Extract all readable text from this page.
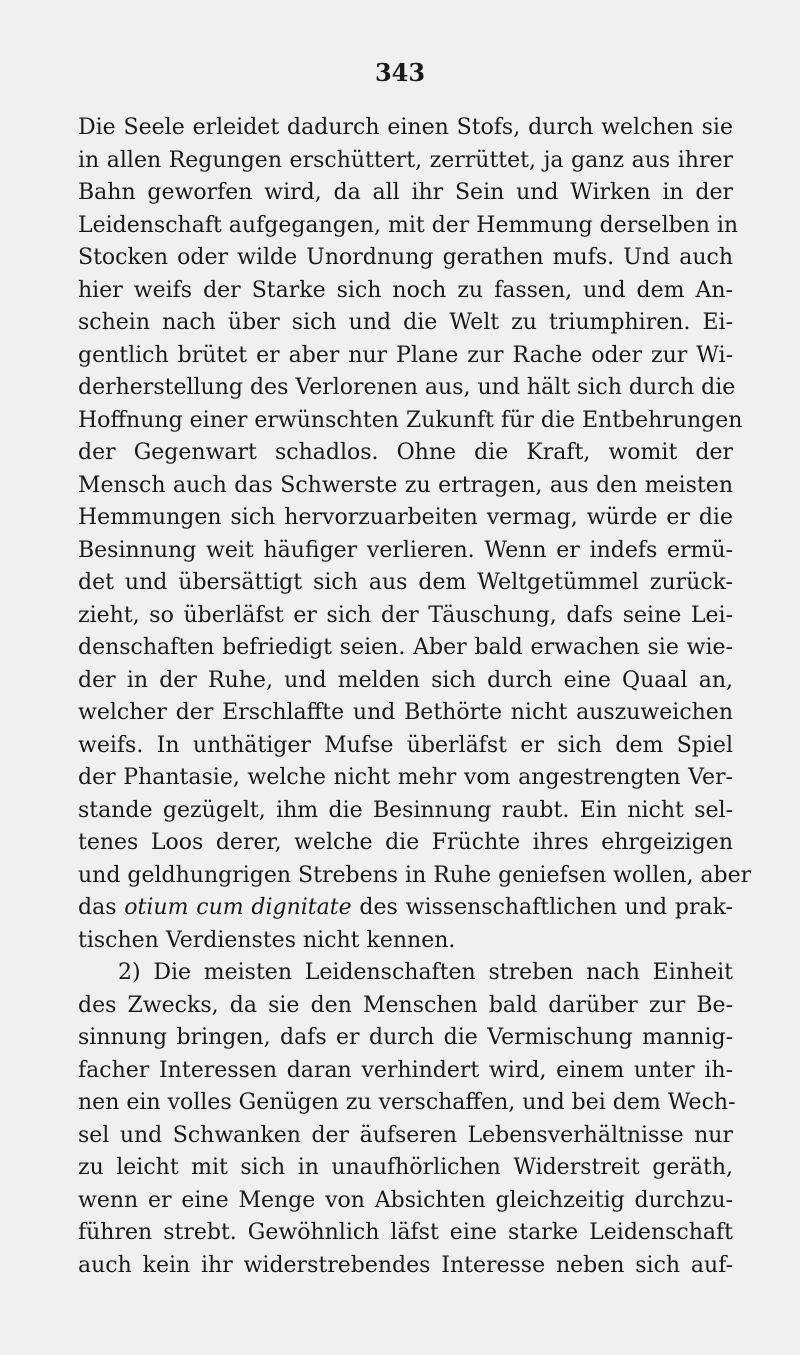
343
Die Seele erleidet dadurch einen Stofs, durch welchen sie
in allen Regungen erschüttert, zerrüttet, ja ganz aus ihrer
Bahn geworfen wird, da all ihr Sein und Wirken in der
Leidenschaft aufgegangen, mit der Hemmung derselben in
Stocken oder wilde Unordnung gerathen mufs. Und auch
hier weifs der Starke sich noch zu fassen, und dem An-
schein nach über sich und die Welt zu triumphiren. Ei-
gentlich brütet er aber nur Plane zur Rache oder zur Wi-
derherstellung des Verlorenen aus, und hält sich durch die
Hoffnung einer erwünschten Zukunft für die Entbehrungen
der Gegenwart schadlos. Ohne die Kraft, womit der
Mensch auch das Schwerste zu ertragen, aus den meisten
Hemmungen sich hervorzuarbeiten vermag, würde er die
Besinnung weit häufiger verlieren. Wenn er indefs ermü-
det und übersättigt sich aus dem Weltgetümmel zurück-
zieht, so überläfst er sich der Täuschung, dafs seine Lei-
denschaften befriedigt seien. Aber bald erwachen sie wie-
der in der Ruhe, und melden sich durch eine Quaal an,
welcher der Erschlaffte und Bethörte nicht auszuweichen
weifs. In unthätiger Mufse überläfst er sich dem Spiel
der Phantasie, welche nicht mehr vom angestrengten Ver-
stande gezügelt, ihm die Besinnung raubt. Ein nicht sel-
tenes Loos derer, welche die Früchte ihres ehrgeizigen
und geldhungrigen Strebens in Ruhe geniefsen wollen, aber
das otium cum dignitate des wissenschaftlichen und prak-
tischen Verdienstes nicht kennen.
2) Die meisten Leidenschaften streben nach Einheit
des Zwecks, da sie den Menschen bald darüber zur Be-
sinnung bringen, dafs er durch die Vermischung mannig-
facher Interessen daran verhindert wird, einem unter ih-
nen ein volles Genügen zu verschaffen, und bei dem Wech-
sel und Schwanken der äufseren Lebensverhältnisse nur
zu leicht mit sich in unaufhörlichen Widerstreit geräth,
wenn er eine Menge von Absichten gleichzeitig durchzu-
führen strebt. Gewöhnlich läfst eine starke Leidenschaft
auch kein ihr widerstrebendes Interesse neben sich auf-
